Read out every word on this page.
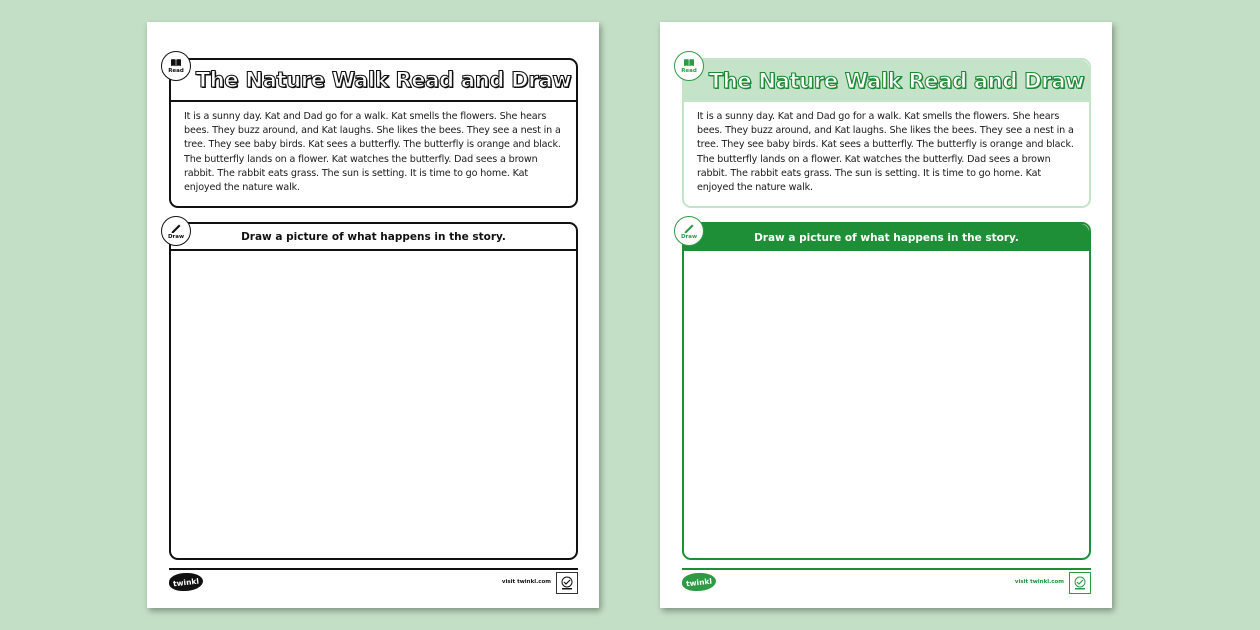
Read The Nature Walk Read and Draw

It is a sunny day. Kat and Dad go for a walk. Kat smells the flowers. She hears bees. They buzz around, and Kat laughs. She likes the bees. They see a nest in a tree. They see baby birds. Kat sees a butterfly. The butterfly is orange and black. The butterfly lands on a flower. Kat watches the butterfly. Dad sees a brown rabbit. The rabbit eats grass. The sun is setting. It is time to go home. Kat enjoyed the nature walk.

Draw	Draw a picture of what happens in the story.
twinkl	visit twinkl.com
Read The Nature Walk Read and Draw

It is a sunny day. Kat and Dad go for a walk. Kat smells the flowers. She hears bees. They buzz around, and Kat laughs. She likes the bees. They see a nest in a tree. They see baby birds. Kat sees a butterfly. The butterfly is orange and black. The butterfly lands on a flower. Kat watches the butterfly. Dad sees a brown rabbit. The rabbit eats grass. The sun is setting. It is time to go home. Kat enjoyed the nature walk.

Draw	Draw a picture of what happens in the story.
twinkl	visit twinkl.com
